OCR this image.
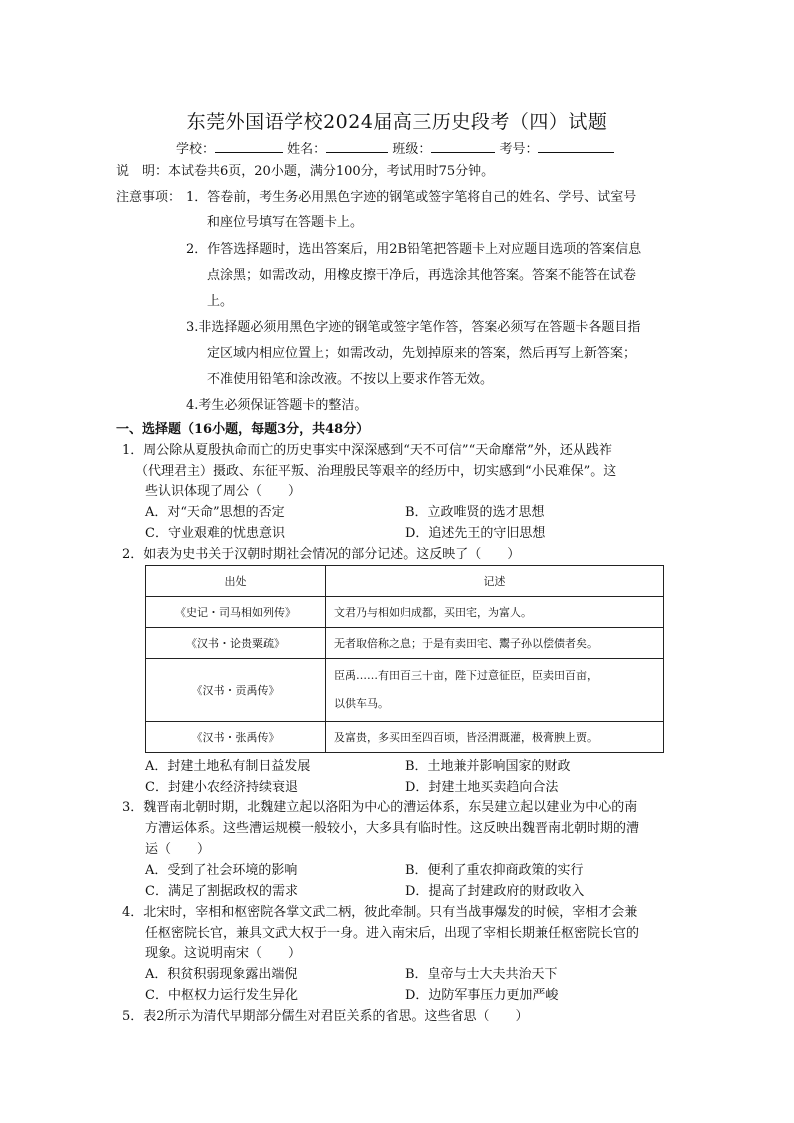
东莞外国语学校2024届高三历史段考（四）试题
学校：	姓名：	班级：	考号：
说　明：本试卷共6页，20小题，满分100分，考试用时75分钟。
注意事项： 1．答卷前，考生务必用黑色字迹的钢笔或签字笔将自己的姓名、学号、试室号
和座位号填写在答题卡上。
2．作答选择题时，选出答案后，用2B铅笔把答题卡上对应题目选项的答案信息
点涂黑；如需改动，用橡皮擦干净后，再选涂其他答案。答案不能答在试卷
上。
3.非选择题必须用黑色字迹的钢笔或签字笔作答，答案必须写在答题卡各题目指
定区域内相应位置上；如需改动，先划掉原来的答案，然后再写上新答案；
不准使用铅笔和涂改液。不按以上要求作答无效。
4.考生必须保证答题卡的整洁。
一、选择题（16小题，每题3分，共48分）
1．周公除从夏殷执命而亡的历史事实中深深感到“天不可信”“天命靡常”外，还从践祚
（代理君主）摄政、东征平叛、治理殷民等艰辛的经历中，切实感到“小民难保”。这
些认识体现了周公（　　）
A．对“天命”思想的否定	B．立政唯贤的选才思想
C．守业艰难的忧患意识	D．追述先王的守旧思想
2．如表为史书关于汉朝时期社会情况的部分记述。这反映了（　　）
出处	记述
《史记・司马相如列传》	文君乃与相如归成都，买田宅，为富人。
《汉书・论贵粟疏》	无者取倍称之息；于是有卖田宅、鬻子孙以偿债者矣。
《汉书・贡禹传》	臣禹……有田百三十亩，陛下过意征臣，臣卖田百亩，
以供车马。

《汉书・张禹传》	及富贵，多买田至四百顷，皆泾渭溉灌，极膏腴上贾。
A．封建土地私有制日益发展	B．土地兼并影响国家的财政
C．封建小农经济持续衰退	D．封建土地买卖趋向合法
3．魏晋南北朝时期，北魏建立起以洛阳为中心的漕运体系，东吴建立起以建业为中心的南
方漕运体系。这些漕运规模一般较小，大多具有临时性。这反映出魏晋南北朝时期的漕
运（　　）
A．受到了社会环境的影响	B．便利了重农抑商政策的实行
C．满足了割据政权的需求	D．提高了封建政府的财政收入
4．北宋时，宰相和枢密院各掌文武二柄，彼此牵制。只有当战事爆发的时候，宰相才会兼
任枢密院长官，兼具文武大权于一身。进入南宋后，出现了宰相长期兼任枢密院长官的
现象。这说明南宋（　　）
A．积贫积弱现象露出端倪	B．皇帝与士大夫共治天下
C．中枢权力运行发生异化	D．边防军事压力更加严峻
5．表2所示为清代早期部分儒生对君臣关系的省思。这些省思（　　）
